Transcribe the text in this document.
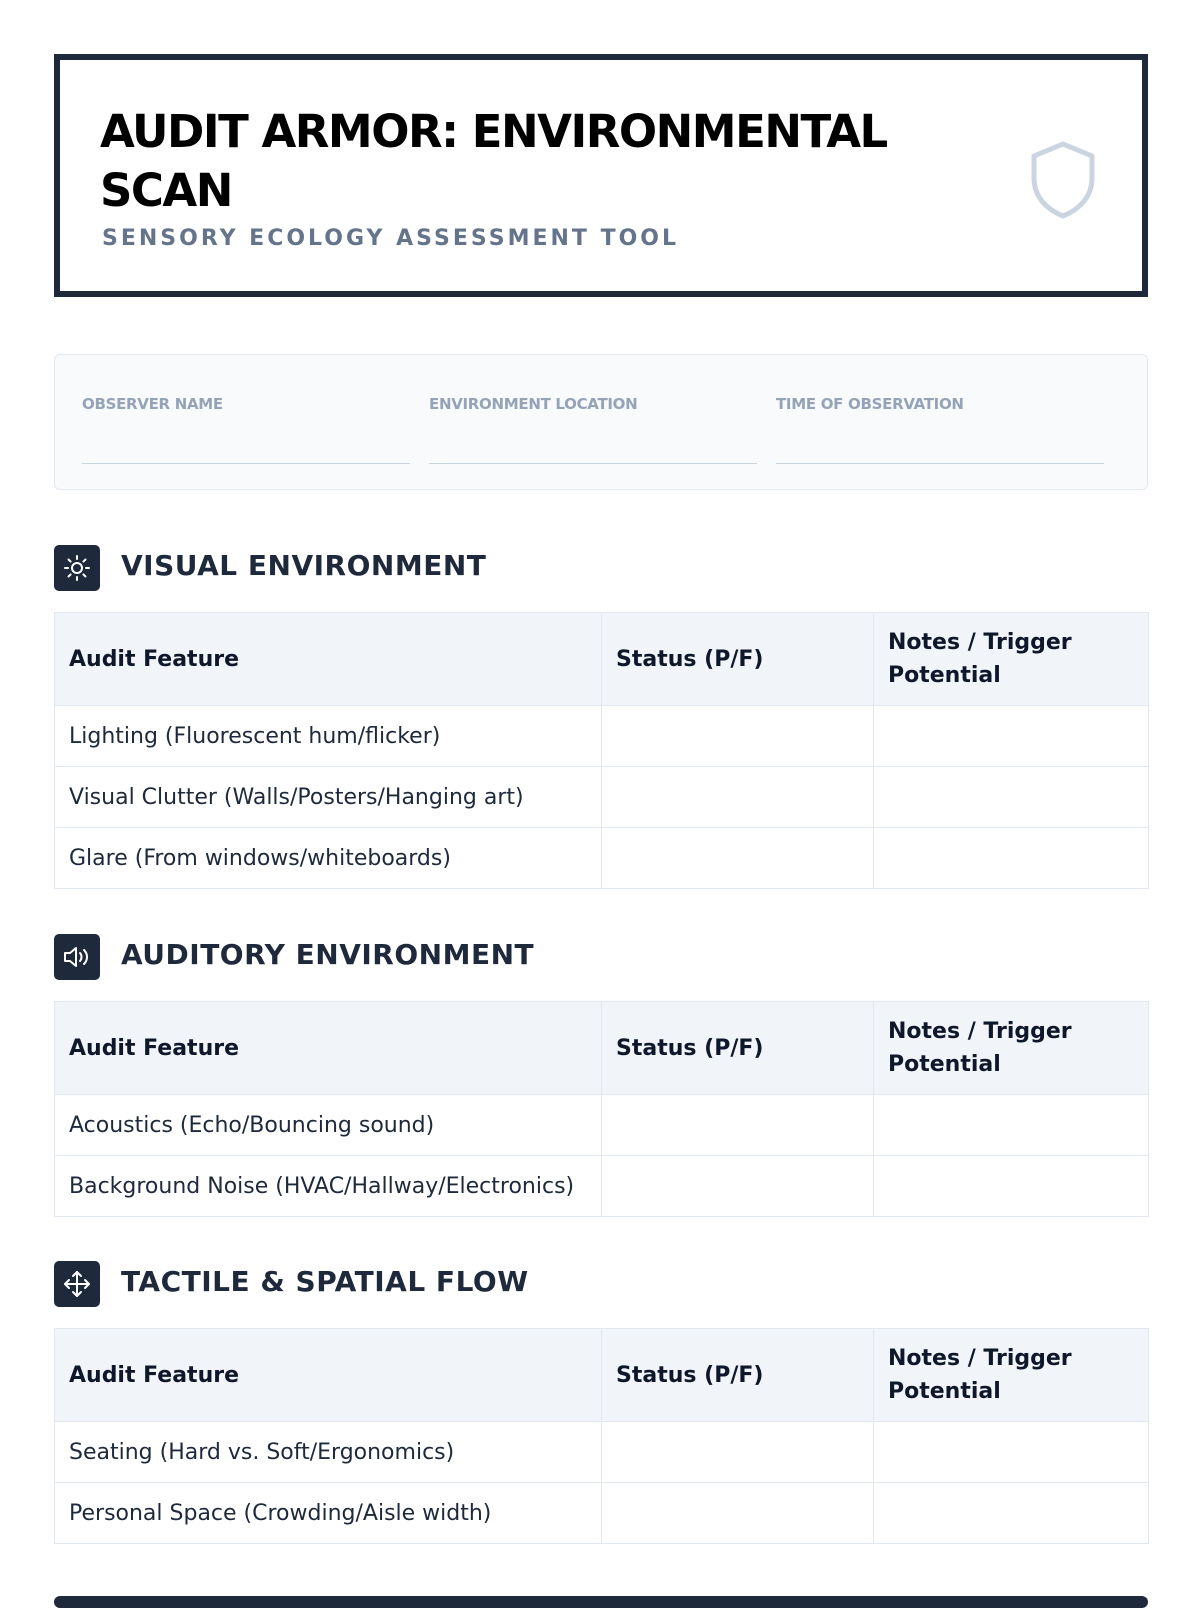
AUDIT ARMOR: ENVIRONMENTAL SCAN
SENSORY ECOLOGY ASSESSMENT TOOL
OBSERVER NAME	ENVIRONMENT LOCATION	TIME OF OBSERVATION
VISUAL ENVIRONMENT
Audit Feature	Status (P/F)	Notes / Trigger Potential
Lighting (Fluorescent hum/flicker)		
Visual Clutter (Walls/Posters/Hanging art)		
Glare (From windows/whiteboards)		
AUDITORY ENVIRONMENT
Audit Feature	Status (P/F)	Notes / Trigger Potential
Acoustics (Echo/Bouncing sound)		
Background Noise (HVAC/Hallway/Electronics)		
TACTILE & SPATIAL FLOW
Audit Feature	Status (P/F)	Notes / Trigger Potential
Seating (Hard vs. Soft/Ergonomics)		
Personal Space (Crowding/Aisle width)		
